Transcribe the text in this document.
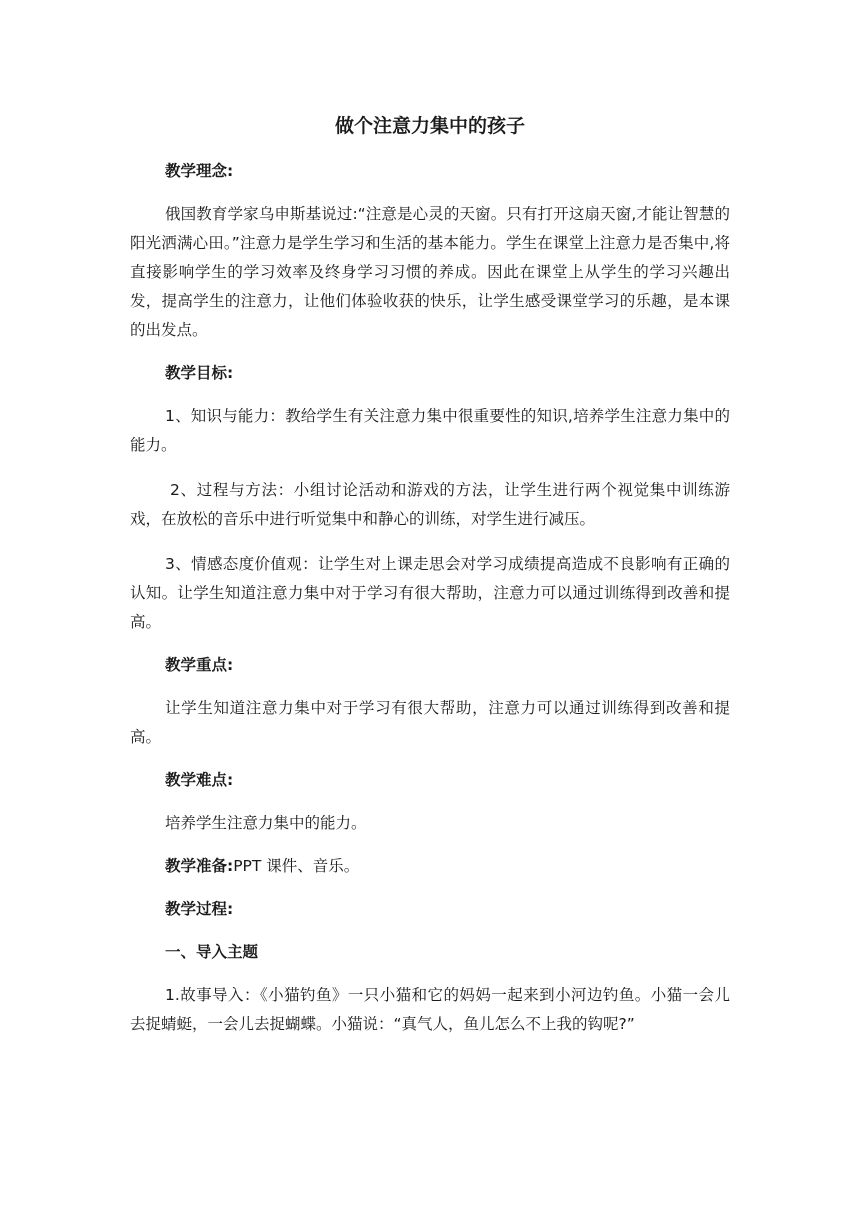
做个注意力集中的孩子

教学理念:

俄国教育学家乌申斯基说过:“注意是心灵的天窗。只有打开这扇天窗,才能让智慧的阳光洒满心田。”注意力是学生学习和生活的基本能力。学生在课堂上注意力是否集中,将直接影响学生的学习效率及终身学习习惯的养成。因此在课堂上从学生的学习兴趣出发，提高学生的注意力，让他们体验收获的快乐，让学生感受课堂学习的乐趣，是本课的出发点。

教学目标:

1、知识与能力：教给学生有关注意力集中很重要性的知识,培养学生注意力集中的能力。

2、过程与方法：小组讨论活动和游戏的方法，让学生进行两个视觉集中训练游戏，在放松的音乐中进行听觉集中和静心的训练，对学生进行减压。

3、情感态度价值观：让学生对上课走思会对学习成绩提高造成不良影响有正确的认知。让学生知道注意力集中对于学习有很大帮助，注意力可以通过训练得到改善和提高。

教学重点:

让学生知道注意力集中对于学习有很大帮助，注意力可以通过训练得到改善和提高。

教学难点:

培养学生注意力集中的能力。

教学准备:PPT 课件、音乐。

教学过程:

一、导入主题

1.故事导入：《小猫钓鱼》一只小猫和它的妈妈一起来到小河边钓鱼。小猫一会儿去捉蜻蜓，一会儿去捉蝴蝶。小猫说：“真气人，鱼儿怎么不上我的钩呢?”
